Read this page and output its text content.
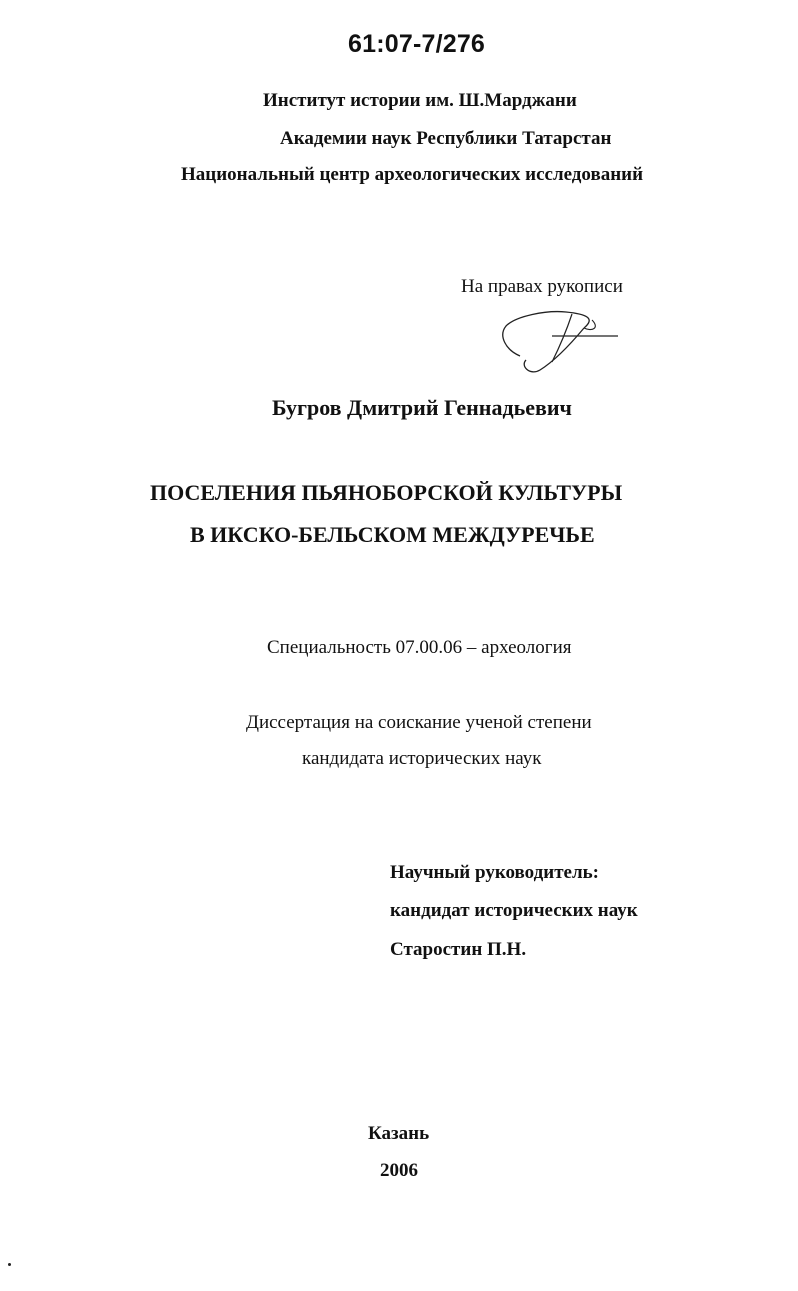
61:07-7/276
Институт истории им. Ш.Марджани
Академии наук Республики Татарстан
Национальный центр археологических исследований
На правах рукописи
Бугров Дмитрий Геннадьевич
ПОСЕЛЕНИЯ ПЬЯНОБОРСКОЙ КУЛЬТУРЫ
В ИКСКО-БЕЛЬСКОМ МЕЖДУРЕЧЬЕ
Специальность 07.00.06 – археология
Диссертация на соискание ученой степени
кандидата исторических наук
Научный руководитель:
кандидат исторических наук
Старостин П.Н.
Казань
2006
